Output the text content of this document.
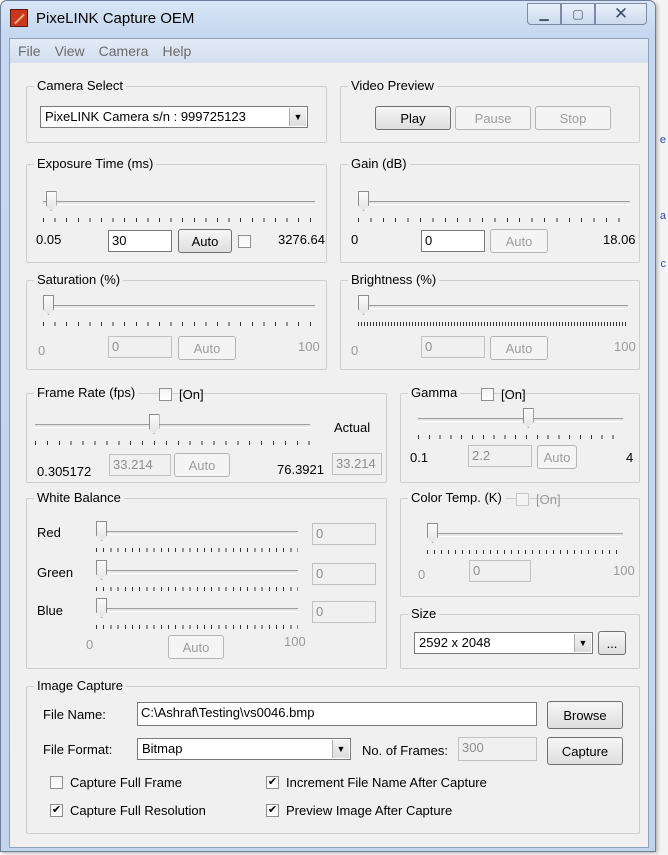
e
a
c
PixeLINK Capture OEM	▁ ▢ ✕
File View Camera Help
Camera Select
PixeLINK Camera s/n : 999725123	▼
Video Preview
Play	Pause	Stop
Exposure Time (ms)
0.05	30	Auto	3276.64
Gain (dB)
0	0	Auto	18.06
Saturation (%)
0	0	Auto	100
Brightness (%)
0	0	Auto	100
Frame Rate (fps)	[On]
Actual
0.305172	33.214	Auto	76.3921 33.214
Gamma	[On]
0.1	2.2	Auto	4
White Balance
Red	0
Green	0
Blue	0
0	Auto	100
Color Temp. (K)	[On]
0	0	100
Size
2592 x 2048	▼	...
Image Capture
File Name:	C:\Ashraf\Testing\vs0046.bmp	Browse
File Format:	Bitmap	▼ No. of Frames:	300	Capture
Capture Full Frame	✔ Increment File Name After Capture
✔ Capture Full Resolution	✔ Preview Image After Capture
